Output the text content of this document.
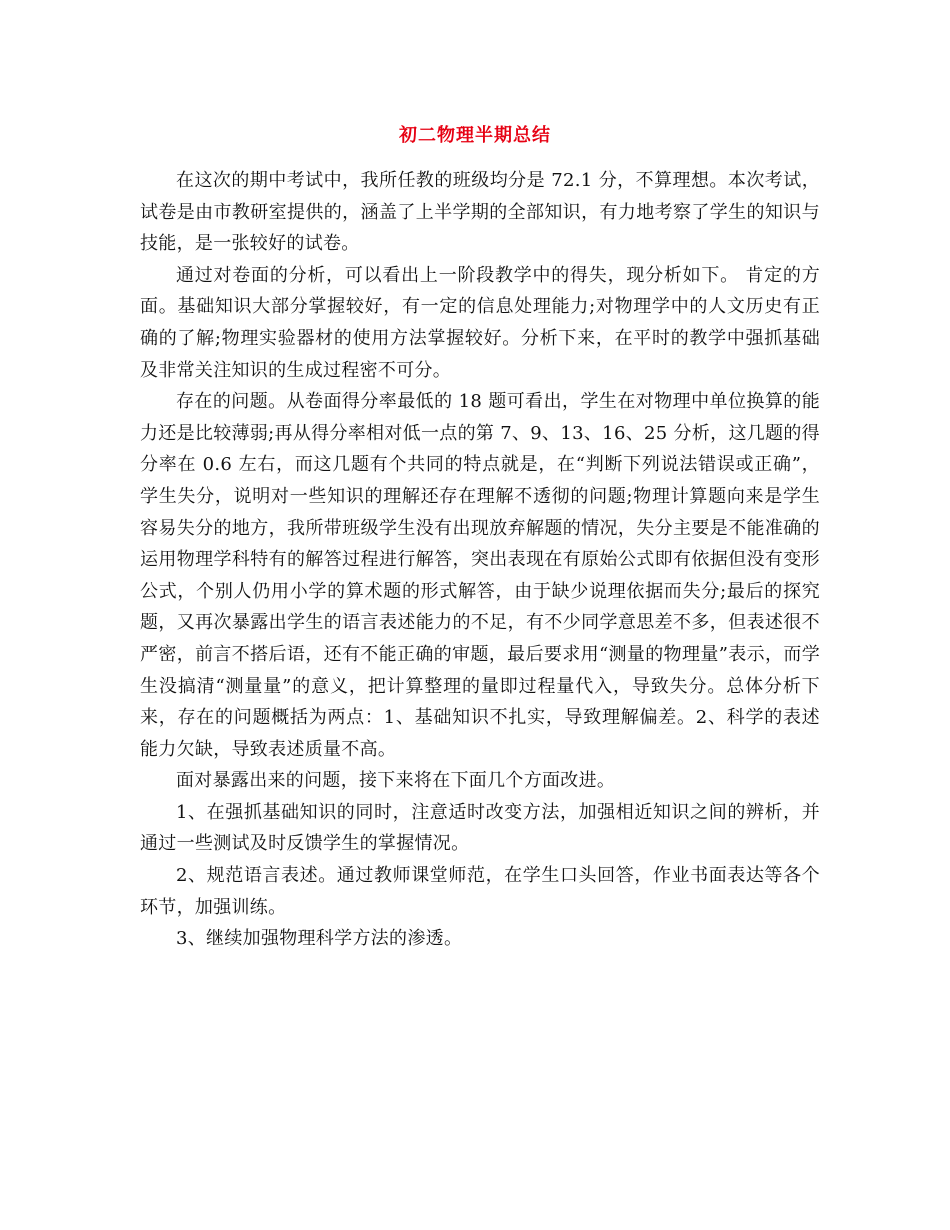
初二物理半期总结

在这次的期中考试中，我所任教的班级均分是 72.1 分，不算理想。本次考试，试卷是由市教研室提供的，涵盖了上半学期的全部知识，有力地考察了学生的知识与技能，是一张较好的试卷。

通过对卷面的分析，可以看出上一阶段教学中的得失，现分析如下。 肯定的方面。基础知识大部分掌握较好，有一定的信息处理能力;对物理学中的人文历史有正确的了解;物理实验器材的使用方法掌握较好。分析下来，在平时的教学中强抓基础及非常关注知识的生成过程密不可分。

存在的问题。从卷面得分率最低的 18 题可看出，学生在对物理中单位换算的能力还是比较薄弱;再从得分率相对低一点的第 7、9、13、16、25 分析，这几题的得分率在 0.6 左右，而这几题有个共同的特点就是，在“判断下列说法错误或正确”，学生失分，说明对一些知识的理解还存在理解不透彻的问题;物理计算题向来是学生容易失分的地方，我所带班级学生没有出现放弃解题的情况，失分主要是不能准确的运用物理学科特有的解答过程进行解答，突出表现在有原始公式即有依据但没有变形公式，个别人仍用小学的算术题的形式解答，由于缺少说理依据而失分;最后的探究题，又再次暴露出学生的语言表述能力的不足，有不少同学意思差不多，但表述很不严密，前言不搭后语，还有不能正确的审题，最后要求用“测量的物理量”表示，而学生没搞清“测量量”的意义，把计算整理的量即过程量代入，导致失分。总体分析下来，存在的问题概括为两点：1、基础知识不扎实，导致理解偏差。2、科学的表述能力欠缺，导致表述质量不高。

面对暴露出来的问题，接下来将在下面几个方面改进。

1、在强抓基础知识的同时，注意适时改变方法，加强相近知识之间的辨析，并通过一些测试及时反馈学生的掌握情况。

2、规范语言表述。通过教师课堂师范，在学生口头回答，作业书面表达等各个环节，加强训练。

3、继续加强物理科学方法的渗透。
